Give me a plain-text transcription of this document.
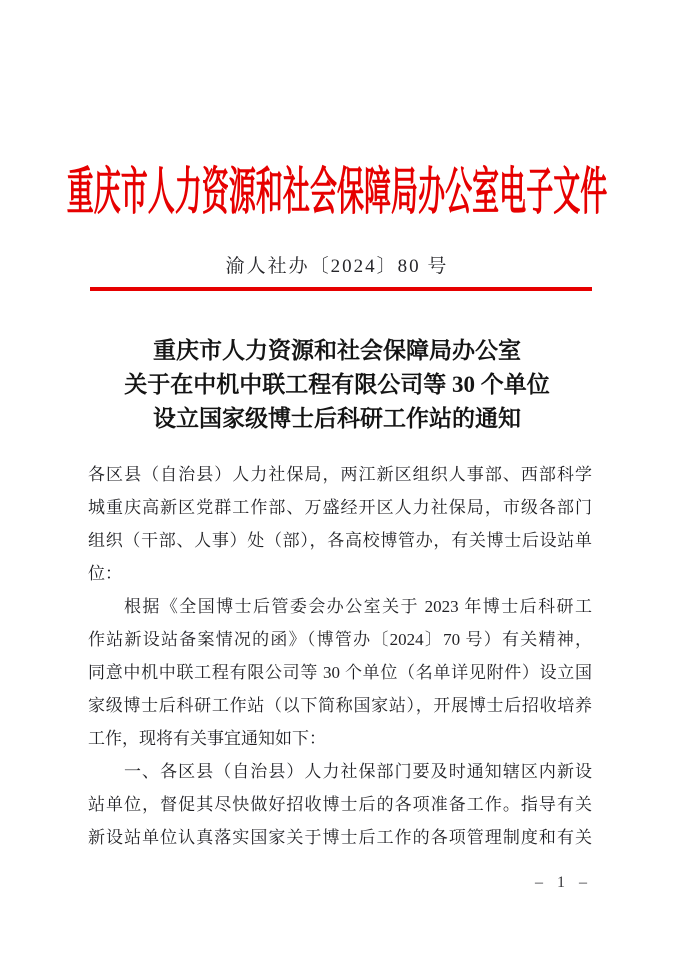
重庆市人力资源和社会保障局办公室电子文件
渝人社办〔2024〕80 号
重庆市人力资源和社会保障局办公室
关于在中机中联工程有限公司等 30 个单位
设立国家级博士后科研工作站的通知
各区县（自治县）人力社保局，两江新区组织人事部、西部科学
城重庆高新区党群工作部、万盛经开区人力社保局，市级各部门
组织（干部、人事）处（部），各高校博管办，有关博士后设站单
位：
根据《全国博士后管委会办公室关于 2023 年博士后科研工
作站新设站备案情况的函》（博管办〔2024〕70 号）有关精神，
同意中机中联工程有限公司等 30 个单位（名单详见附件）设立国
家级博士后科研工作站（以下简称国家站），开展博士后招收培养
工作，现将有关事宜通知如下：
一、各区县（自治县）人力社保部门要及时通知辖区内新设
站单位，督促其尽快做好招收博士后的各项准备工作。指导有关
新设站单位认真落实国家关于博士后工作的各项管理制度和有关
– 1 –
